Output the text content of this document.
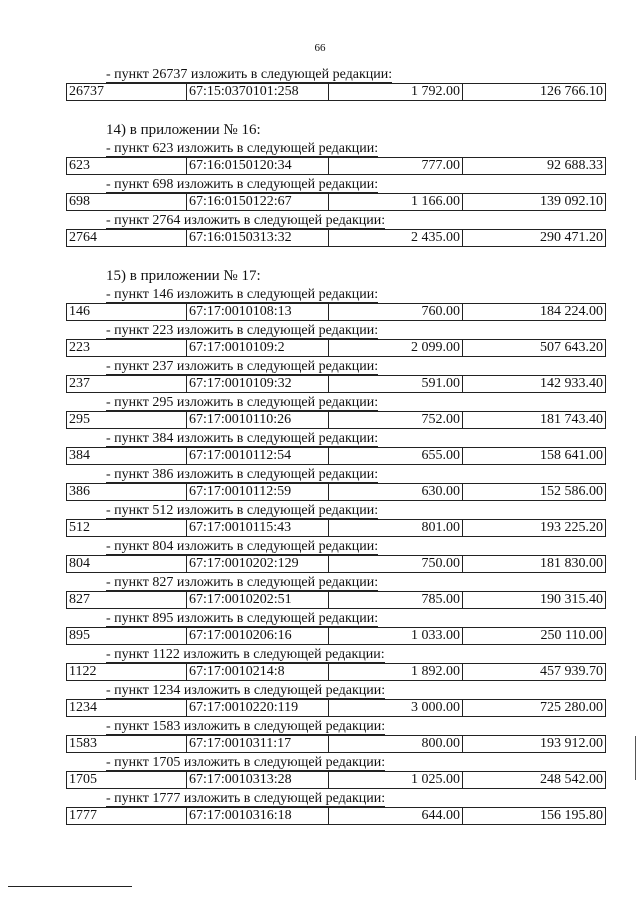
66
- пункт 26737 изложить в следующей редакции:
26737	67:15:0370101:258	1 792.00	126 766.10
14) в приложении № 16:
- пункт 623 изложить в следующей редакции:
623	67:16:0150120:34	777.00	92 688.33
- пункт 698 изложить в следующей редакции:
698	67:16:0150122:67	1 166.00	139 092.10
- пункт 2764 изложить в следующей редакции:
2764	67:16:0150313:32	2 435.00	290 471.20
15) в приложении № 17:
- пункт 146 изложить в следующей редакции:
146	67:17:0010108:13	760.00	184 224.00
- пункт 223 изложить в следующей редакции:
223	67:17:0010109:2	2 099.00	507 643.20
- пункт 237 изложить в следующей редакции:
237	67:17:0010109:32	591.00	142 933.40
- пункт 295 изложить в следующей редакции:
295	67:17:0010110:26	752.00	181 743.40
- пункт 384 изложить в следующей редакции:
384	67:17:0010112:54	655.00	158 641.00
- пункт 386 изложить в следующей редакции:
386	67:17:0010112:59	630.00	152 586.00
- пункт 512 изложить в следующей редакции:
512	67:17:0010115:43	801.00	193 225.20
- пункт 804 изложить в следующей редакции:
804	67:17:0010202:129	750.00	181 830.00
- пункт 827 изложить в следующей редакции:
827	67:17:0010202:51	785.00	190 315.40
- пункт 895 изложить в следующей редакции:
895	67:17:0010206:16	1 033.00	250 110.00
- пункт 1122 изложить в следующей редакции:
1122	67:17:0010214:8	1 892.00	457 939.70
- пункт 1234 изложить в следующей редакции:
1234	67:17:0010220:119	3 000.00	725 280.00
- пункт 1583 изложить в следующей редакции:
1583	67:17:0010311:17	800.00	193 912.00
- пункт 1705 изложить в следующей редакции:
1705	67:17:0010313:28	1 025.00	248 542.00
- пункт 1777 изложить в следующей редакции:
1777	67:17:0010316:18	644.00	156 195.80
